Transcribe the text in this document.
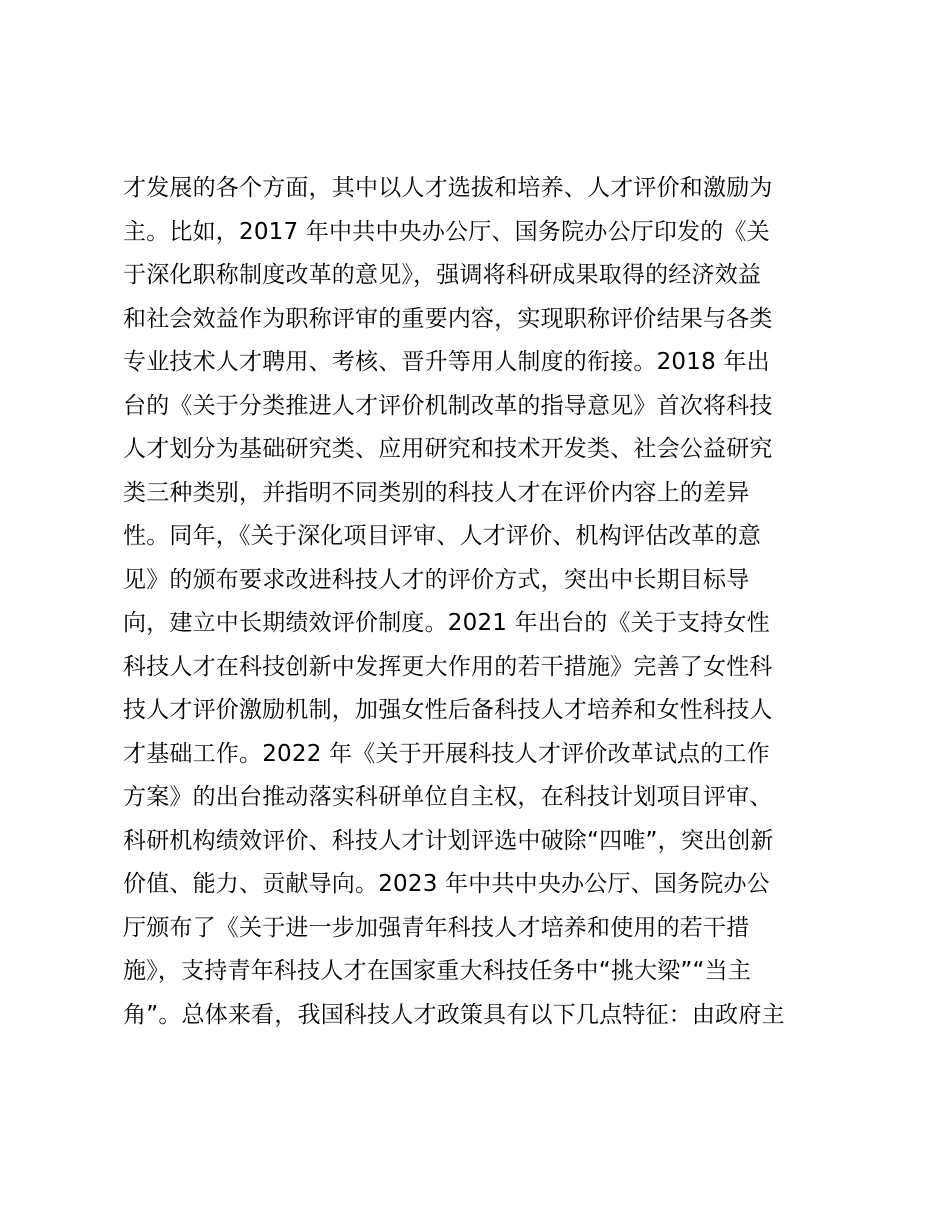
才发展的各个方面，其中以人才选拔和培养、人才评价和激励为
主。比如，2017 年中共中央办公厅、国务院办公厅印发的《关
于深化职称制度改革的意见》，强调将科研成果取得的经济效益
和社会效益作为职称评审的重要内容，实现职称评价结果与各类
专业技术人才聘用、考核、晋升等用人制度的衔接。2018 年出
台的《关于分类推进人才评价机制改革的指导意见》首次将科技
人才划分为基础研究类、应用研究和技术开发类、社会公益研究
类三种类别，并指明不同类别的科技人才在评价内容上的差异
性。同年，《关于深化项目评审、人才评价、机构评估改革的意
见》的颁布要求改进科技人才的评价方式，突出中长期目标导
向，建立中长期绩效评价制度。2021 年出台的《关于支持女性
科技人才在科技创新中发挥更大作用的若干措施》完善了女性科
技人才评价激励机制，加强女性后备科技人才培养和女性科技人
才基础工作。2022 年《关于开展科技人才评价改革试点的工作
方案》的出台推动落实科研单位自主权，在科技计划项目评审、
科研机构绩效评价、科技人才计划评选中破除“四唯”，突出创新
价值、能力、贡献导向。2023 年中共中央办公厅、国务院办公
厅颁布了《关于进一步加强青年科技人才培养和使用的若干措
施》，支持青年科技人才在国家重大科技任务中“挑大梁”“当主
角”。总体来看，我国科技人才政策具有以下几点特征：由政府主
